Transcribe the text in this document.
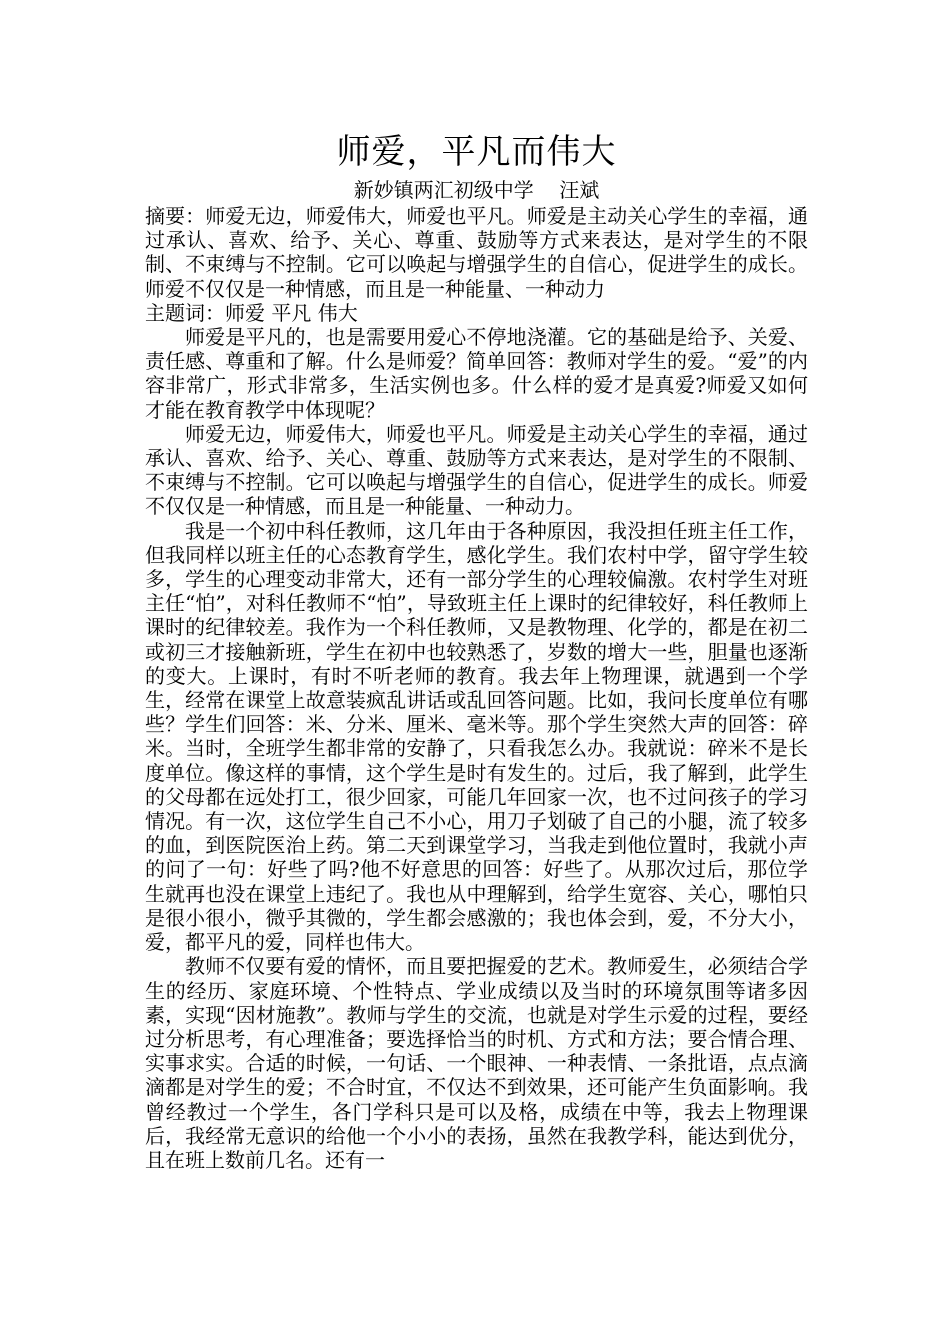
师爱，平凡而伟大

新妙镇两汇初级中学    汪斌

摘要：师爱无边，师爱伟大，师爱也平凡。师爱是主动关心学生的幸福，通过承认、喜欢、给予、关心、尊重、鼓励等方式来表达，是对学生的不限制、不束缚与不控制。它可以唤起与增强学生的自信心，促进学生的成长。师爱不仅仅是一种情感，而且是一种能量、一种动力

主题词：师爱 平凡 伟大

师爱是平凡的，也是需要用爱心不停地浇灌。它的基础是给予、关爱、责任感、尊重和了解。什么是师爱？简单回答：教师对学生的爱。“爱”的内容非常广，形式非常多，生活实例也多。什么样的爱才是真爱?师爱又如何才能在教育教学中体现呢？

师爱无边，师爱伟大，师爱也平凡。师爱是主动关心学生的幸福，通过承认、喜欢、给予、关心、尊重、鼓励等方式来表达，是对学生的不限制、不束缚与不控制。它可以唤起与增强学生的自信心，促进学生的成长。师爱不仅仅是一种情感，而且是一种能量、一种动力。

我是一个初中科任教师，这几年由于各种原因，我没担任班主任工作，但我同样以班主任的心态教育学生，感化学生。我们农村中学，留守学生较多，学生的心理变动非常大，还有一部分学生的心理较偏激。农村学生对班主任“怕”，对科任教师不“怕”，导致班主任上课时的纪律较好，科任教师上课时的纪律较差。我作为一个科任教师，又是教物理、化学的，都是在初二或初三才接触新班，学生在初中也较熟悉了，岁数的增大一些，胆量也逐渐的变大。上课时，有时不听老师的教育。我去年上物理课，就遇到一个学生，经常在课堂上故意装疯乱讲话或乱回答问题。比如，我问长度单位有哪些？学生们回答：米、分米、厘米、毫米等。那个学生突然大声的回答：碎米。当时，全班学生都非常的安静了，只看我怎么办。我就说：碎米不是长度单位。像这样的事情，这个学生是时有发生的。过后，我了解到，此学生的父母都在远处打工，很少回家，可能几年回家一次，也不过问孩子的学习情况。有一次，这位学生自己不小心，用刀子划破了自己的小腿，流了较多的血，到医院医治上药。第二天到课堂学习，当我走到他位置时，我就小声的问了一句：好些了吗?他不好意思的回答：好些了。从那次过后，那位学生就再也没在课堂上违纪了。我也从中理解到，给学生宽容、关心，哪怕只是很小很小，微乎其微的，学生都会感激的；我也体会到，爱，不分大小，爱，都平凡的爱，同样也伟大。

教师不仅要有爱的情怀，而且要把握爱的艺术。教师爱生，必须结合学生的经历、家庭环境、个性特点、学业成绩以及当时的环境氛围等诸多因素，实现“因材施教”。教师与学生的交流，也就是对学生示爱的过程，要经过分析思考，有心理准备；要选择恰当的时机、方式和方法；要合情合理、实事求实。合适的时候，一句话、一个眼神、一种表情、一条批语，点点滴滴都是对学生的爱；不合时宜，不仅达不到效果，还可能产生负面影响。我曾经教过一个学生，各门学科只是可以及格，成绩在中等，我去上物理课后，我经常无意识的给他一个小小的表扬，虽然在我教学科，能达到优分，且在班上数前几名。还有一
